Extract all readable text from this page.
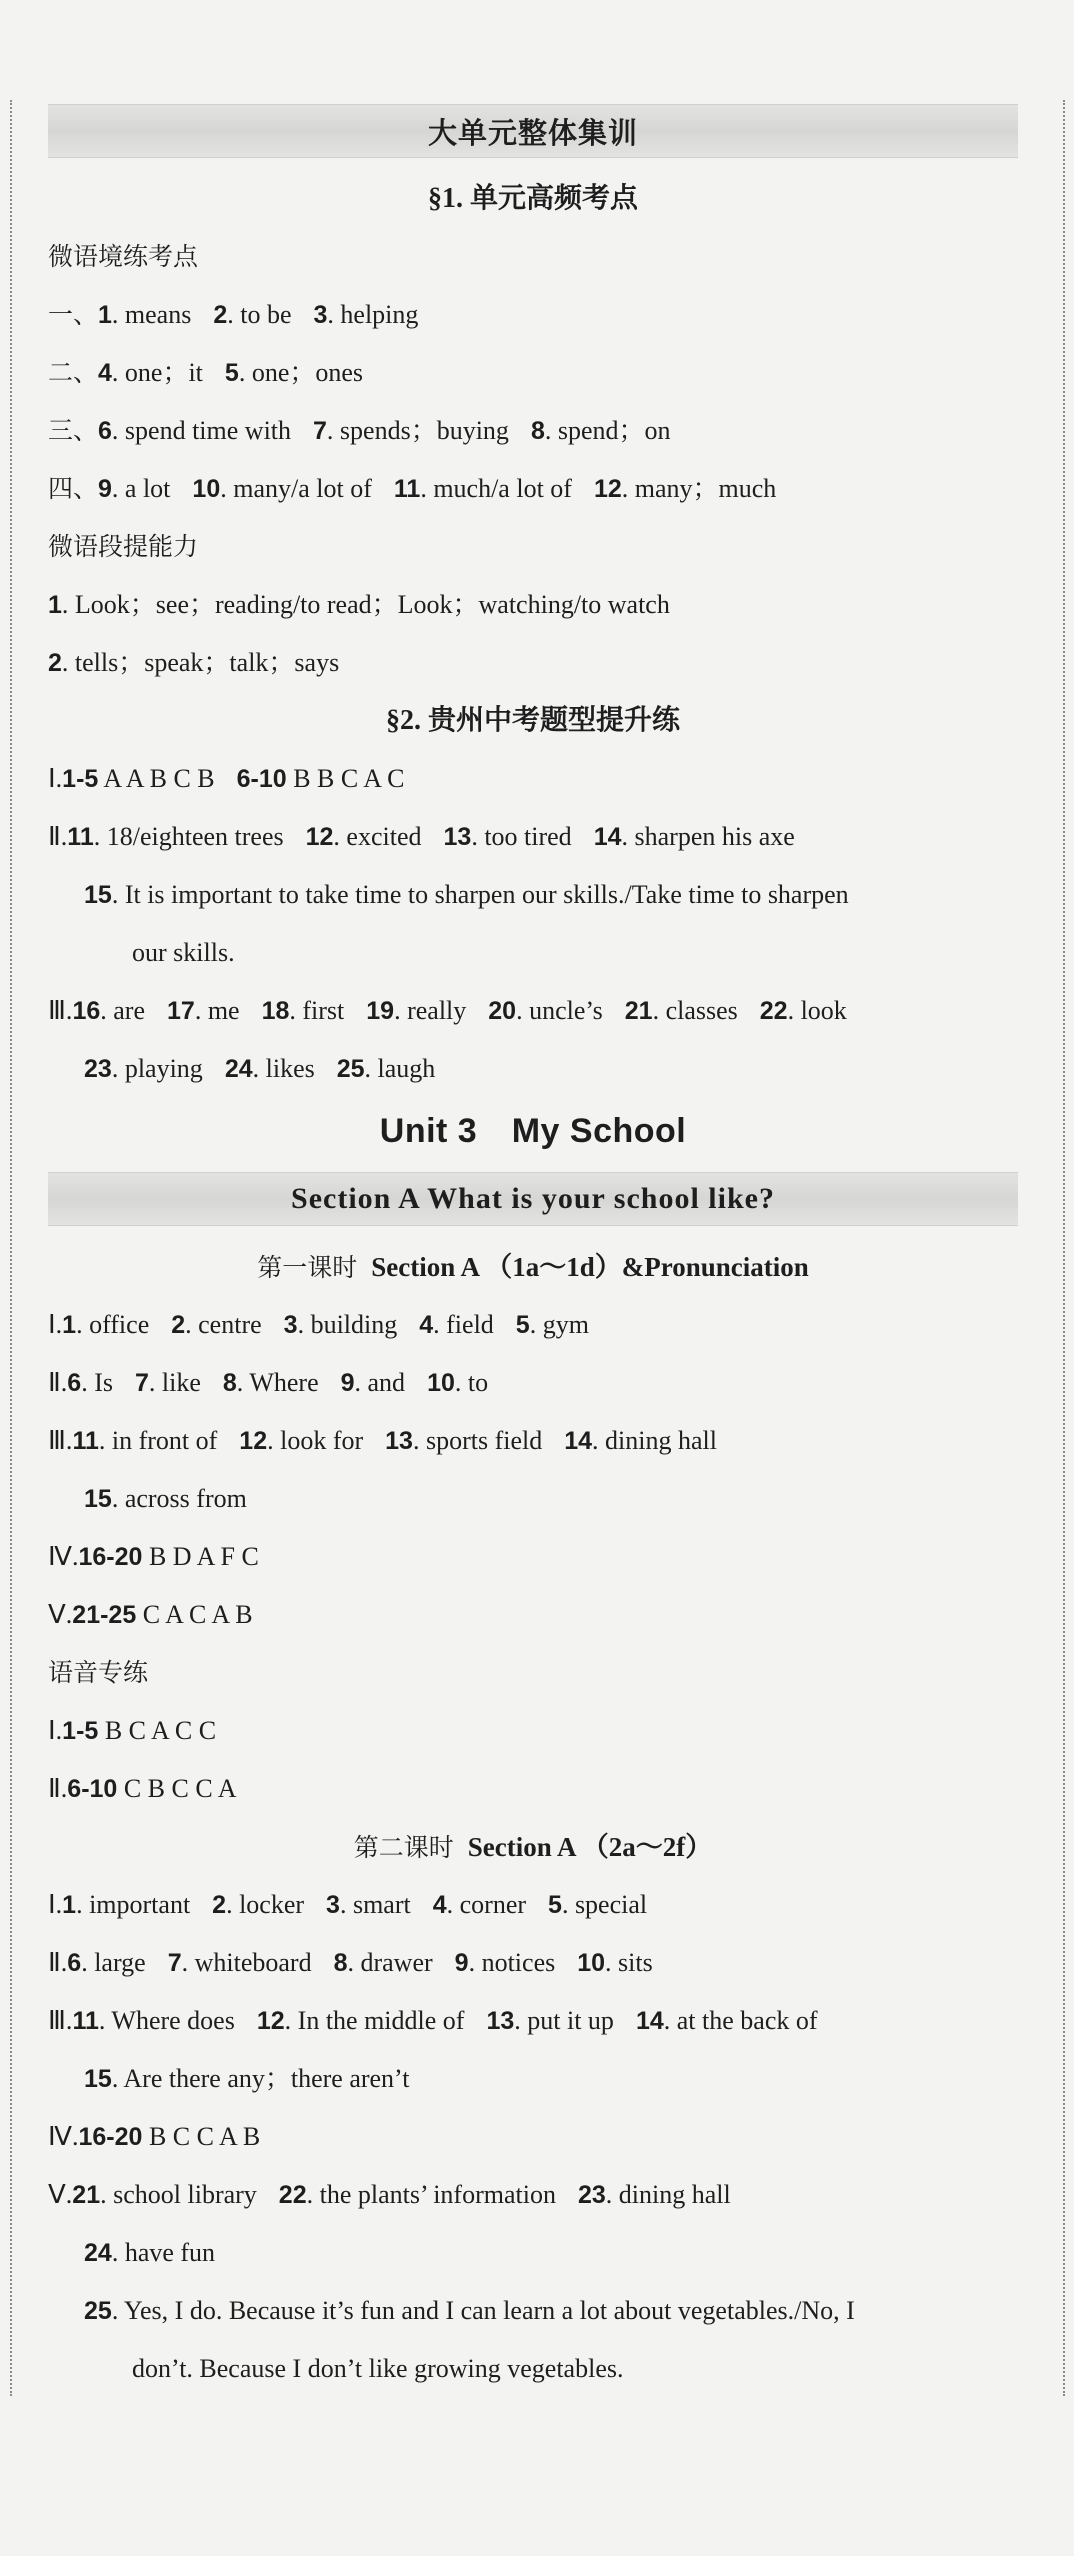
大单元整体集训
§1. 单元高频考点
微语境练考点
一、1. means 2. to be 3. helping
二、4. one；it 5. one；ones
三、6. spend time with 7. spends；buying 8. spend；on
四、9. a lot 10. many/a lot of 11. much/a lot of 12. many；much
微语段提能力
1. Look；see；reading/to read；Look；watching/to watch
2. tells；speak；talk；says
§2. 贵州中考题型提升练
Ⅰ.1-5 A A B C B 6-10 B B C A C
Ⅱ.11. 18/eighteen trees 12. excited 13. too tired 14. sharpen his axe
15. It is important to take time to sharpen our skills./Take time to sharpen
our skills.
Ⅲ.16. are 17. me 18. first 19. really 20. uncle’s 21. classes 22. look
23. playing 24. likes 25. laugh
Unit 3　My School
Section A What is your school like?
第一课时 Section A （1a～1d）&Pronunciation
Ⅰ.1. office 2. centre 3. building 4. field 5. gym
Ⅱ.6. Is 7. like 8. Where 9. and 10. to
Ⅲ.11. in front of 12. look for 13. sports field 14. dining hall
15. across from
Ⅳ.16-20 B D A F C
Ⅴ.21-25 C A C A B
语音专练
Ⅰ.1-5 B C A C C
Ⅱ.6-10 C B C C A
第二课时 Section A （2a～2f）
Ⅰ.1. important 2. locker 3. smart 4. corner 5. special
Ⅱ.6. large 7. whiteboard 8. drawer 9. notices 10. sits
Ⅲ.11. Where does 12. In the middle of 13. put it up 14. at the back of
15. Are there any；there aren’t
Ⅳ.16-20 B C C A B
Ⅴ.21. school library 22. the plants’ information 23. dining hall
24. have fun
25. Yes, I do. Because it’s fun and I can learn a lot about vegetables./No, I
don’t. Because I don’t like growing vegetables.
